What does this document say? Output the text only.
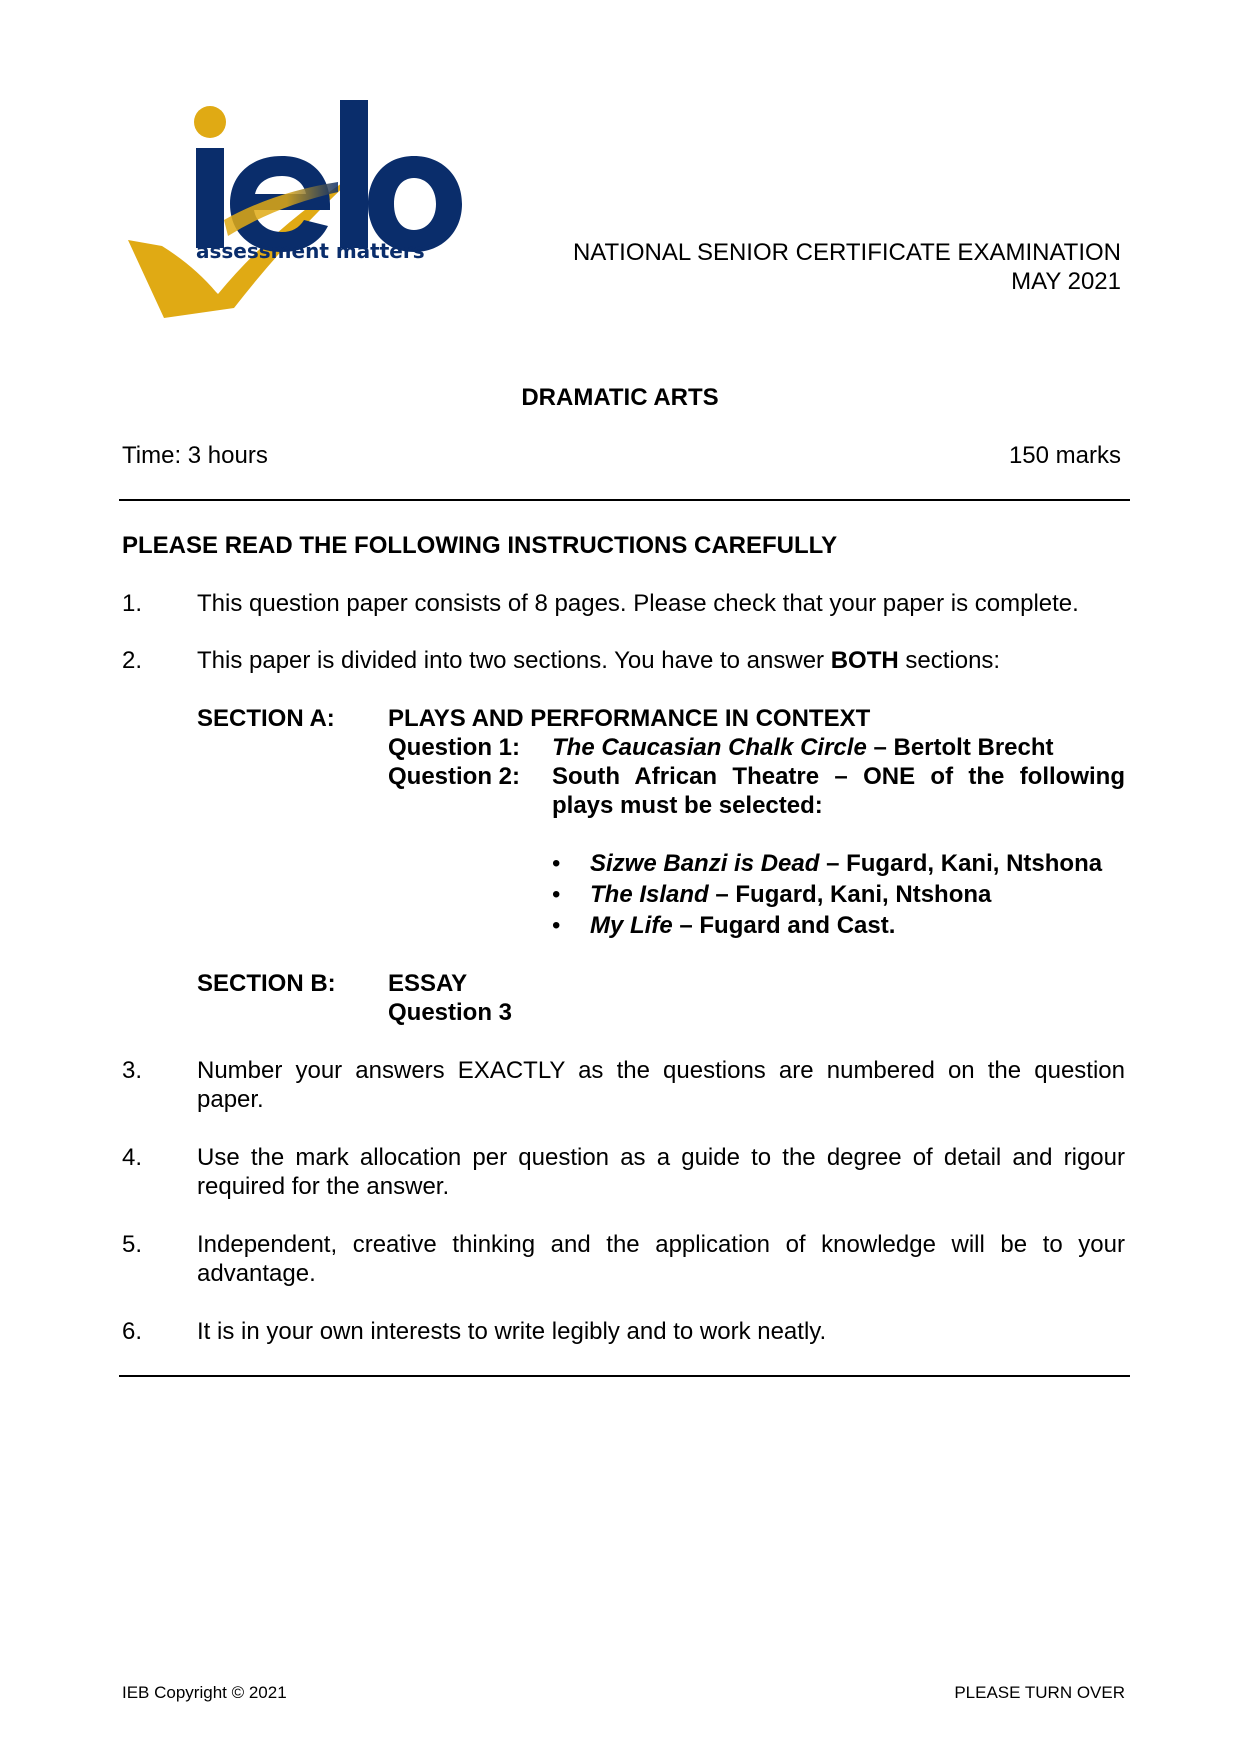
assessment matters	NATIONAL SENIOR CERTIFICATE EXAMINATION
MAY 2021
DRAMATIC ARTS
Time: 3 hours	150 marks
PLEASE READ THE FOLLOWING INSTRUCTIONS CAREFULLY
1.	This question paper consists of 8 pages. Please check that your paper is complete.
2.	This paper is divided into two sections. You have to answer BOTH sections:
SECTION A: PLAYS AND PERFORMANCE IN CONTEXT
Question 1: The Caucasian Chalk Circle – Bertolt Brecht
Question 2: South African Theatre – ONE of the following
plays must be selected:
• Sizwe Banzi is Dead – Fugard, Kani, Ntshona
• The Island – Fugard, Kani, Ntshona
• My Life – Fugard and Cast.
SECTION B: ESSAY
Question 3
3.	Number your answers EXACTLY as the questions are numbered on the question
paper.
4.	Use the mark allocation per question as a guide to the degree of detail and rigour
required for the answer.
5.	Independent, creative thinking and the application of knowledge will be to your
advantage.
6.	It is in your own interests to write legibly and to work neatly.
IEB Copyright © 2021	PLEASE TURN OVER
